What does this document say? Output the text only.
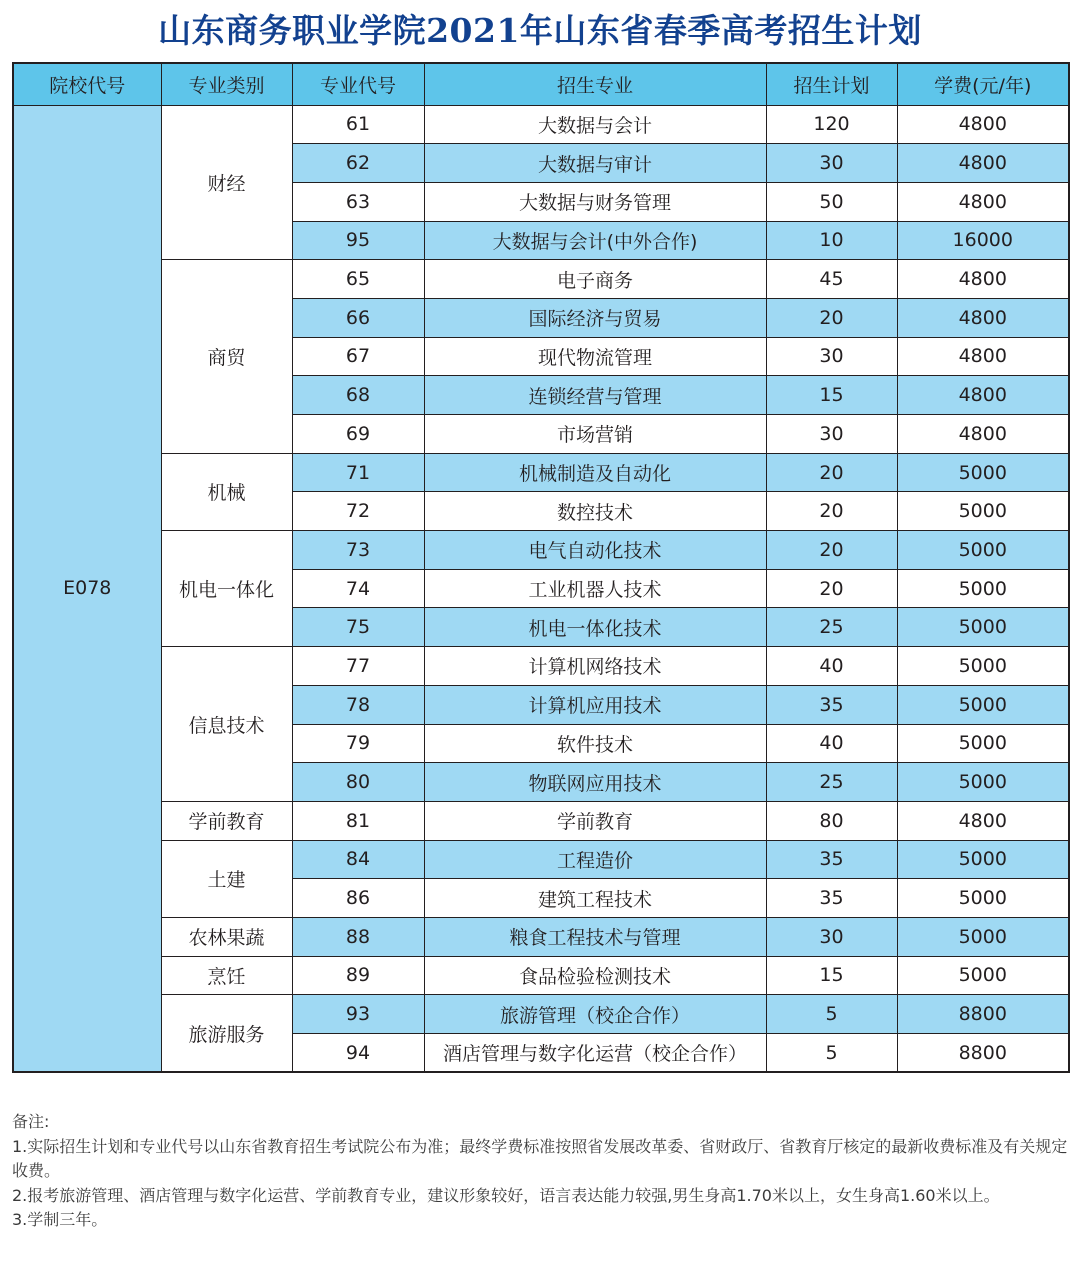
山东商务职业学院2021年山东省春季高考招生计划
院校代号	专业类别	专业代号	招生专业	招生计划	学费(元/年)
E078	财经	61	大数据与会计	120	4800
		62	大数据与审计	30	4800
		63	大数据与财务管理	50	4800
		95	大数据与会计(中外合作)	10	16000
	商贸	65	电子商务	45	4800
		66	国际经济与贸易	20	4800
		67	现代物流管理	30	4800
		68	连锁经营与管理	15	4800
		69	市场营销	30	4800
	机械	71	机械制造及自动化	20	5000
		72	数控技术	20	5000
	机电一体化	73	电气自动化技术	20	5000
		74	工业机器人技术	20	5000
		75	机电一体化技术	25	5000
	信息技术	77	计算机网络技术	40	5000
		78	计算机应用技术	35	5000
		79	软件技术	40	5000
		80	物联网应用技术	25	5000
	学前教育	81	学前教育	80	4800
	土建	84	工程造价	35	5000
		86	建筑工程技术	35	5000
	农林果蔬	88	粮食工程技术与管理	30	5000
	烹饪	89	食品检验检测技术	15	5000
	旅游服务	93	旅游管理（校企合作）	5	8800
		94	酒店管理与数字化运营（校企合作）	5	8800
备注:
1.实际招生计划和专业代号以山东省教育招生考试院公布为准；最终学费标准按照省发展改革委、省财政厅、省教育厅核定的最新收费标准及有关规定收费。
2.报考旅游管理、酒店管理与数字化运营、学前教育专业，建议形象较好，语言表达能力较强,男生身高1.70米以上，女生身高1.60米以上。
3.学制三年。
